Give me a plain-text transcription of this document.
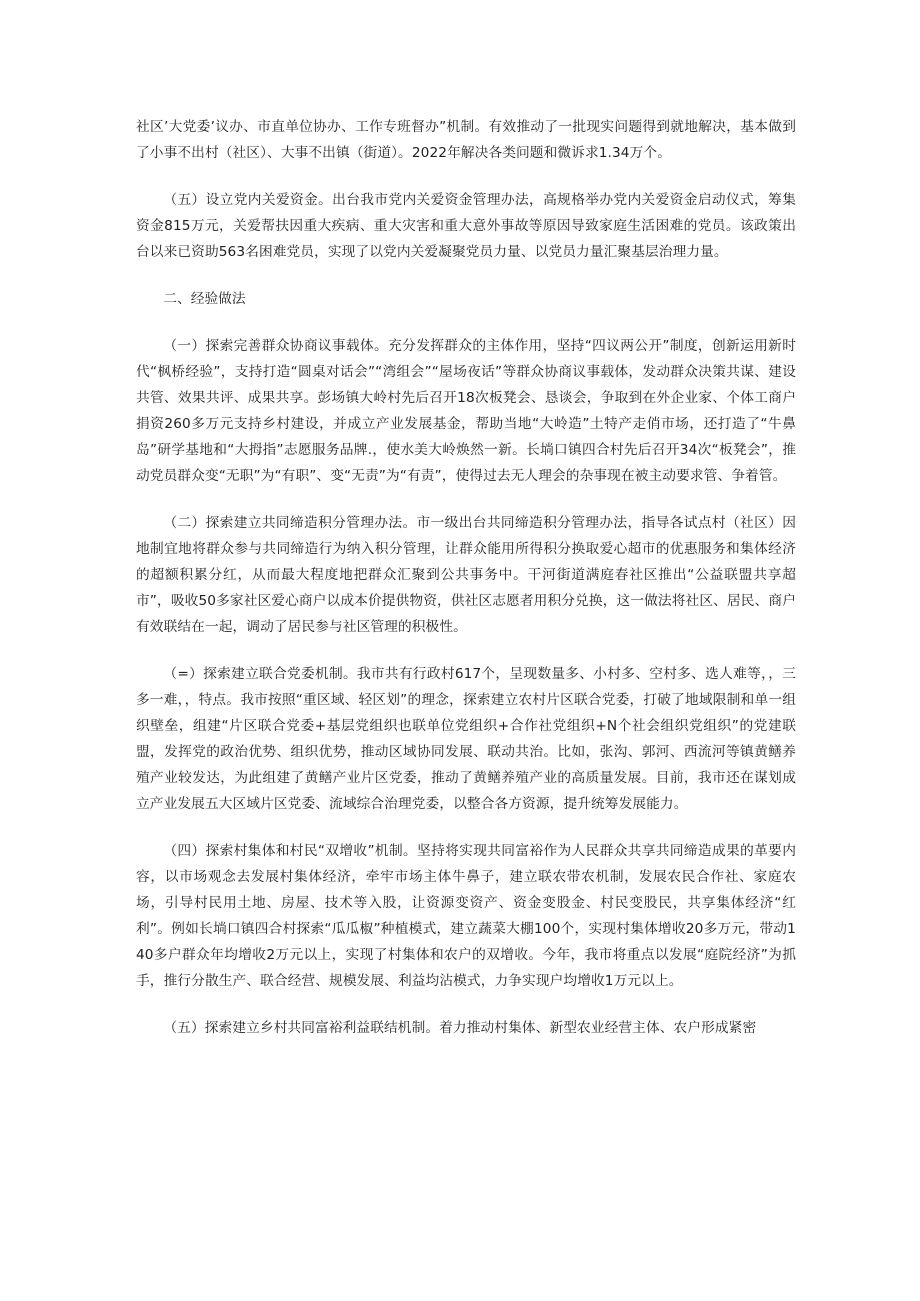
社区’大党委’议办、市直单位协办、工作专班督办”机制。有效推动了一批现实问题得到就地解决，基本做到了小事不出村（社区）、大事不出镇（街道）。2022年解决各类问题和微诉求1.34万个。

（五）设立党内关爱资金。出台我市党内关爱资金管理办法，高规格举办党内关爱资金启动仪式，筹集资金815万元，关爱帮扶因重大疾病、重大灾害和重大意外事故等原因导致家庭生活困难的党员。该政策出台以来已资助563名困难党员，实现了以党内关爱凝聚党员力量、以党员力量汇聚基层治理力量。

二、经验做法

（一）探索完善群众协商议事载体。充分发挥群众的主体作用，坚持“四议两公开”制度，创新运用新时代“枫桥经验”，支持打造“圆桌对话会”“湾组会”“屋场夜话”等群众协商议事载体，发动群众决策共谋、建设共管、效果共评、成果共享。彭场镇大岭村先后召开18次板凳会、恳谈会，争取到在外企业家、个体工商户捐资260多万元支持乡村建设，并成立产业发展基金，帮助当地“大岭造”土特产走俏市场，还打造了“牛鼻岛”研学基地和“大拇指”志愿服务品牌.，使水美大岭焕然一新。长埫口镇四合村先后召开34次“板凳会”，推动党员群众变“无职”为“有职”、变“无责”为“有责”，使得过去无人理会的杂事现在被主动要求管、争着管。

（二）探索建立共同缔造积分管理办法。市一级出台共同缔造积分管理办法，指导各试点村（社区）因地制宜地将群众参与共同缔造行为纳入积分管理，让群众能用所得积分换取爱心超市的优惠服务和集体经济的超额积累分红，从而最大程度地把群众汇聚到公共事务中。干河街道满庭春社区推出“公益联盟共享超市”，吸收50多家社区爱心商户以成本价提供物资，供社区志愿者用积分兑换，这一做法将社区、居民、商户有效联结在一起，调动了居民参与社区管理的积极性。

（=）探索建立联合党委机制。我市共有行政村617个，呈现数量多、小村多、空村多、选人难等，，三多一难，，特点。我市按照“重区域、轻区划”的理念，探索建立农村片区联合党委，打破了地域限制和单一组织壁垒，组建“片区联合党委+基层党组织也联单位党组织+合作社党组织+N个社会组织党组织”的党建联盟，发挥党的政治优势、组织优势，推动区域协同发展、联动共治。比如，张沟、郭河、西流河等镇黄鳝养殖产业较发达，为此组建了黄鳝产业片区党委，推动了黄鳝养殖产业的高质量发展。目前，我市还在谋划成立产业发展五大区域片区党委、流域综合治理党委，以整合各方资源，提升统筹发展能力。

（四）探索村集体和村民“双增收”机制。坚持将实现共同富裕作为人民群众共享共同缔造成果的革要内容，以市场观念去发展村集体经济，牵牢市场主体牛鼻子，建立联农带农机制，发展农民合作社、家庭农场，引导村民用土地、房屋、技术等入股，让资源变资产、资金变股金、村民变股民，共享集体经济“红利”。例如长埫口镇四合村探索“瓜瓜椒”种植模式，建立蔬菜大棚100个，实现村集体增收20多万元，带动140多户群众年均增收2万元以上，实现了村集体和农户的双增收。今年，我市将重点以发展“庭院经济”为抓手，推行分散生产、联合经营、规模发展、利益均沾模式，力争实现户均增收1万元以上。

（五）探索建立乡村共同富裕利益联结机制。着力推动村集体、新型农业经营主体、农户形成紧密
